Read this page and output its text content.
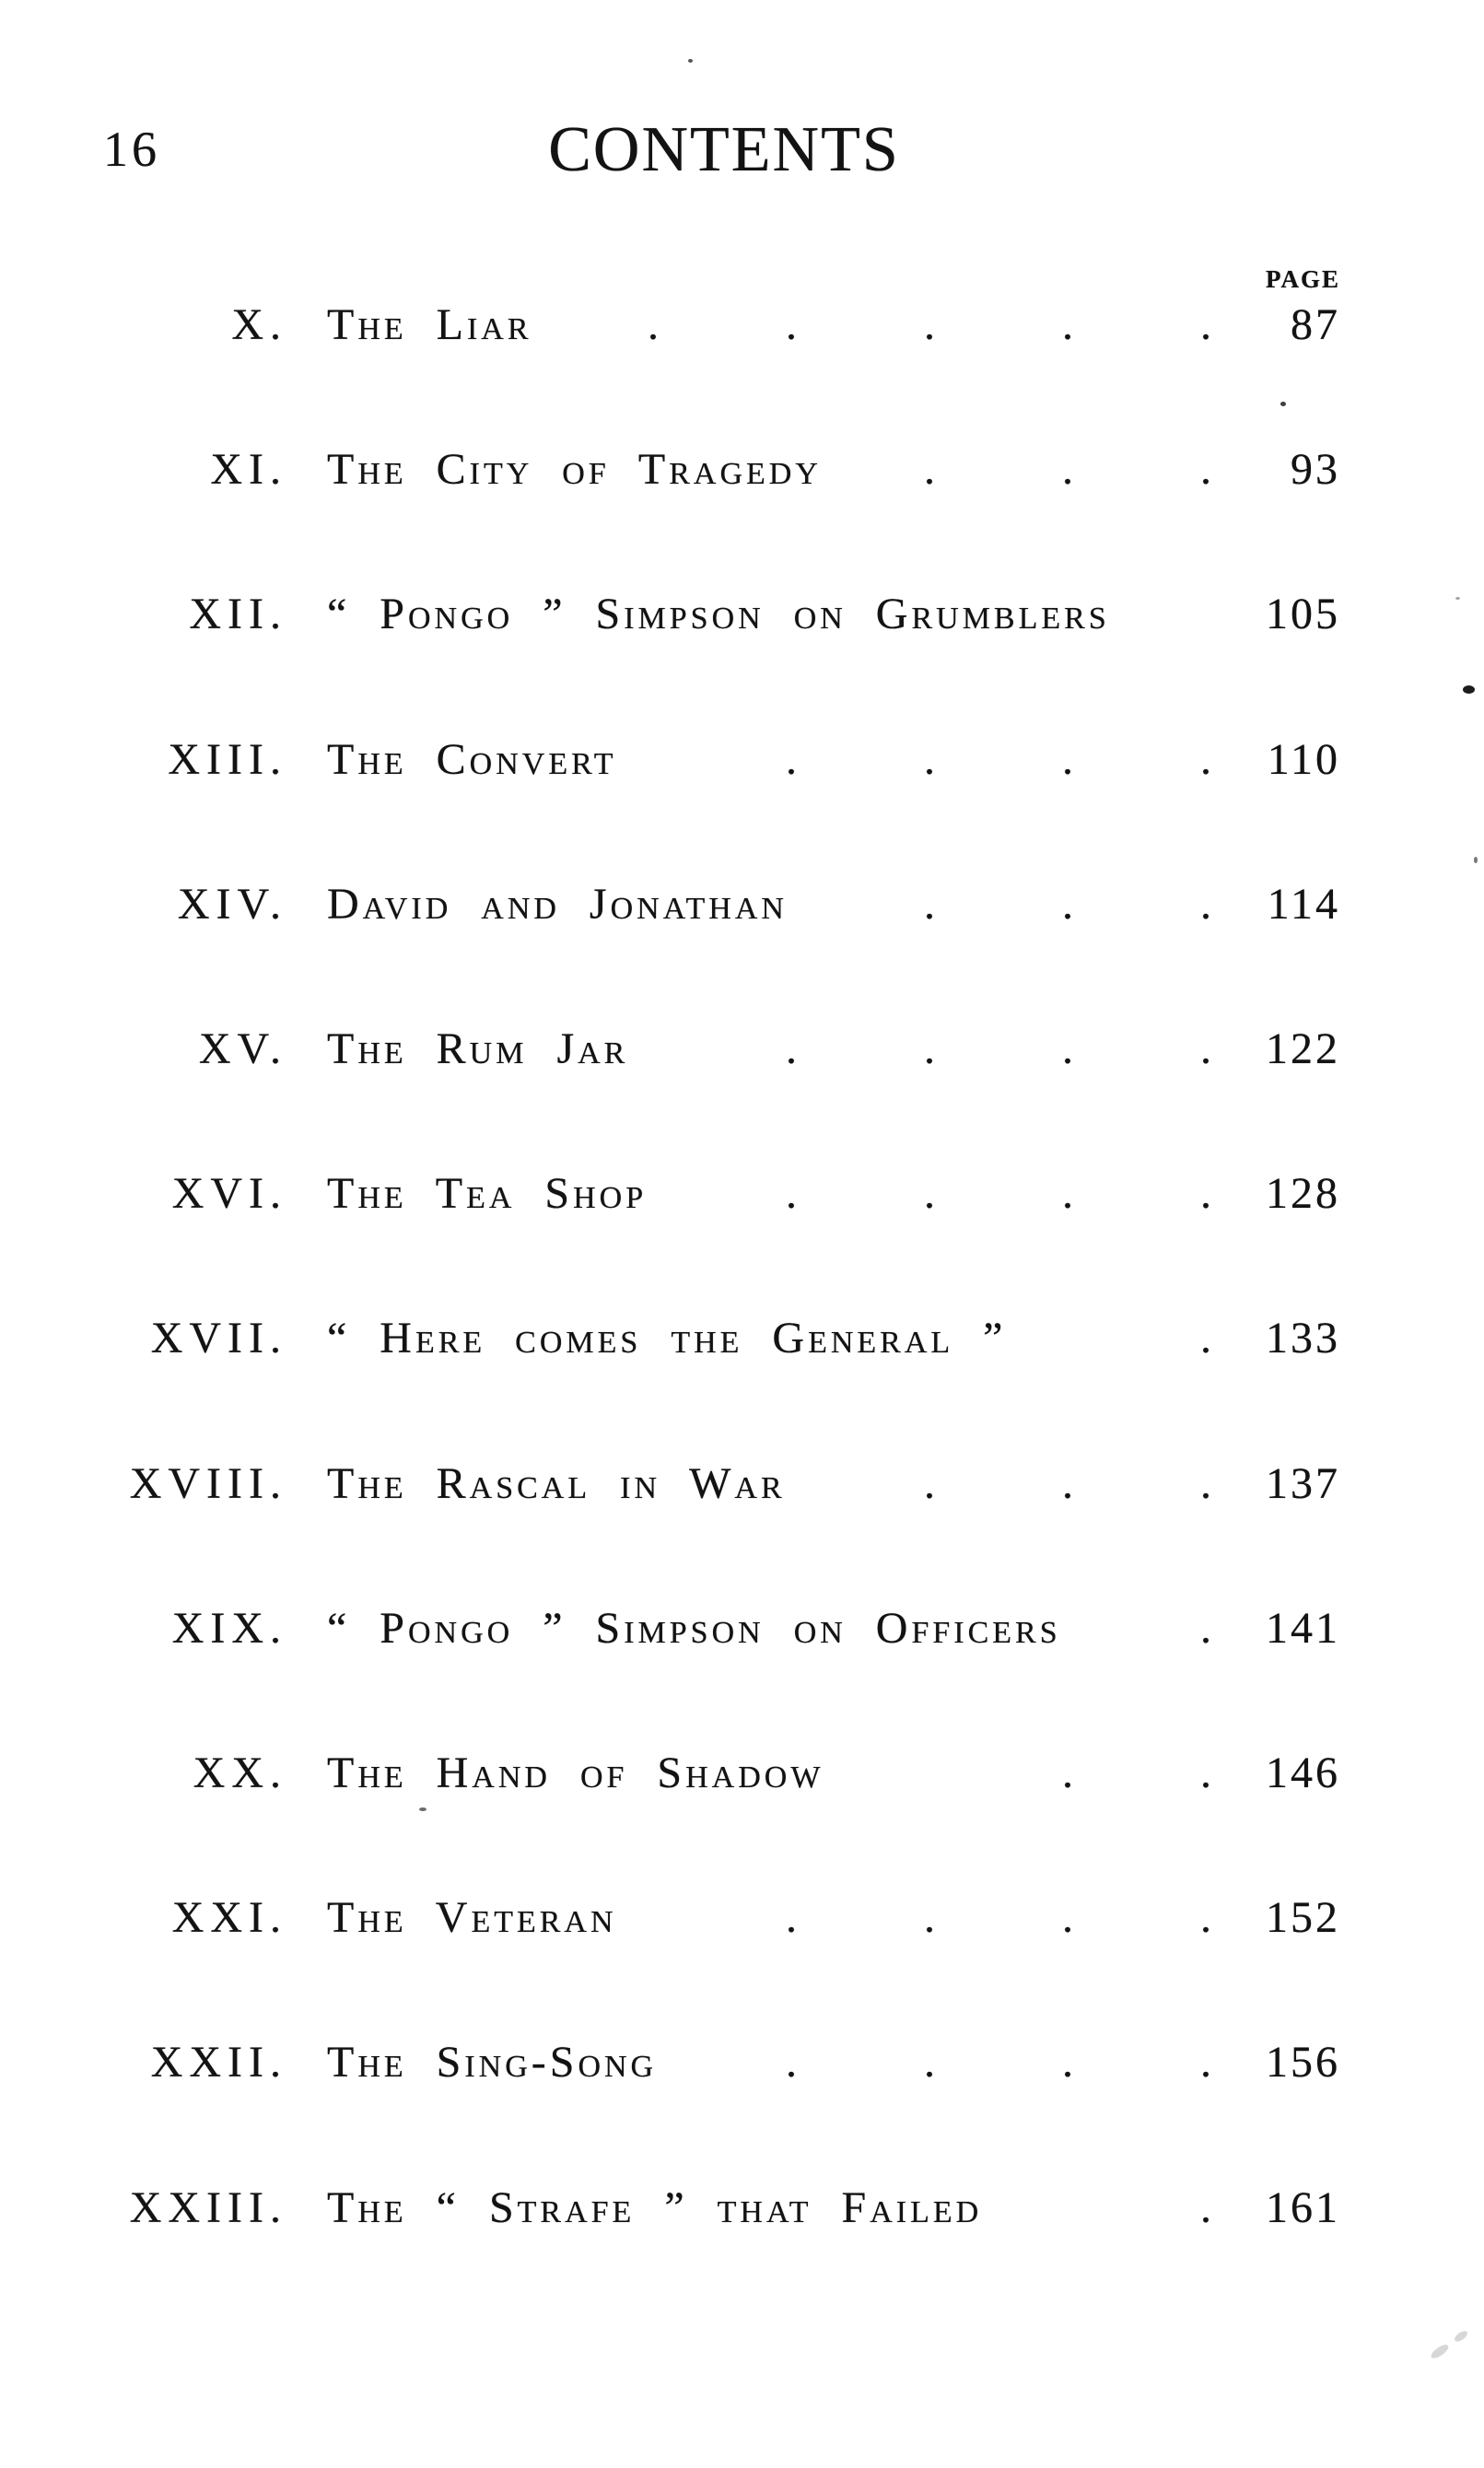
16	CONTENTS
PAGE
X. The Liar	.	.	.	.	. 87
XI. The City of Tragedy .	.	. 93
XII. “ Pongo ” Simpson on Grumblers	105
XIII. The Convert	.	.	.	. 110
XIV. David and Jonathan	.	.	. 114
XV. The Rum Jar	.	.	.	. 122
XVI. The Tea Shop	.	.	.	. 128
XVII. “ Here comes the General ”	. 133
XVIII. The Rascal in War	.	.	. 137
XIX. “ Pongo ” Simpson on Officers	. 141
XX. The Hand of Shadow	.	. 146
XXI. The Veteran	.	.	.	. 152
XXII. The Sing-Song	.	.	.	. 156
XXIII. The “ Strafe ” that Failed	. 161
